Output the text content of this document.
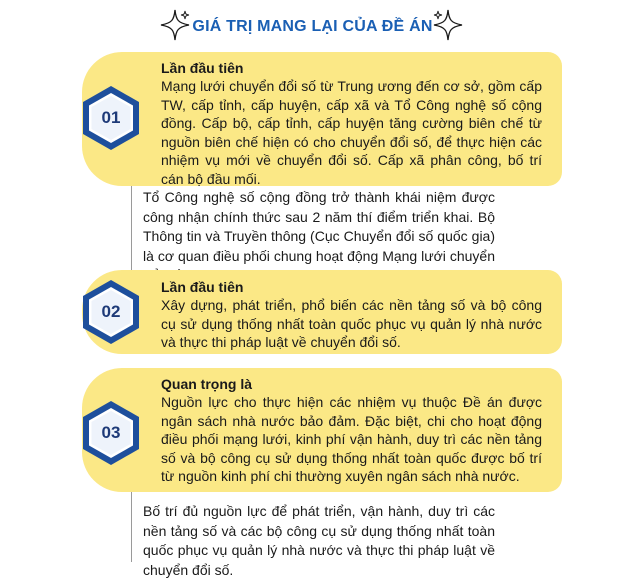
GIÁ TRỊ MANG LẠI CỦA ĐỀ ÁN
Lần đầu tiên
Mạng lưới chuyển đổi số từ Trung ương đến cơ sở, gồm cấp TW, cấp tỉnh, cấp huyện, cấp xã và Tổ Công nghệ số cộng đồng. Cấp bộ, cấp tỉnh, cấp huyện tăng cường biên chế từ nguồn biên chế hiện có cho chuyển đổi số, để thực hiện các nhiệm vụ mới về chuyển đổi số. Cấp xã phân công, bố trí cán bộ đầu mối.
01
Tổ Công nghệ số cộng đồng trở thành khái niệm được công nhận chính thức sau 2 năm thí điểm triển khai. Bộ Thông tin và Truyền thông (Cục Chuyển đổi số quốc gia) là cơ quan điều phối chung hoạt động Mạng lưới chuyển
Lần đầu tiên
Xây dựng, phát triển, phổ biến các nền tảng số và bộ công cụ sử dụng thống nhất toàn quốc phục vụ quản lý nhà nước và thực thi pháp luật về chuyển đổi số.
02
Quan trọng là
Nguồn lực cho thực hiện các nhiệm vụ thuộc Đề án được ngân sách nhà nước bảo đảm. Đặc biệt, chi cho hoạt động điều phối mạng lưới, kinh phí vận hành, duy trì các nền tảng số và bộ công cụ sử dụng thống nhất toàn quốc được bố trí từ nguồn kinh phí chi thường xuyên ngân sách nhà nước.
03
Bố trí đủ nguồn lực để phát triển, vận hành, duy trì các nền tảng số và các bộ công cụ sử dụng thống nhất toàn quốc phục vụ quản lý nhà nước và thực thi pháp luật về chuyển đổi số.
